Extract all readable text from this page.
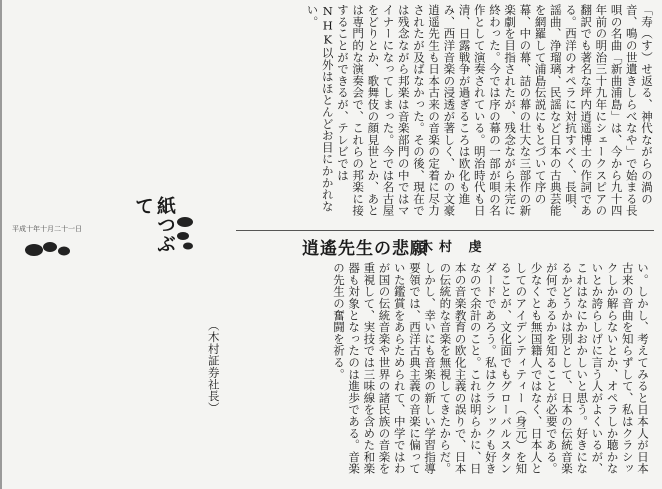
「寿（す）せ返る、神代ながらの渦の音、鳴の世遺きしらべなや」で始まる長唄の名曲「新曲浦島」は、今から九十四年前の明治三十九年にシェークスピアの翻訳でも著名な坪内逍遥博士の作詞である。西洋のオペラに対抗すべく、長唄、謡曲、浄瑠璃、民謡など日本の古典芸能を網羅して浦島伝説にもとづいて序の幕、中の幕、詰の幕の壮大な三部作の新楽劇を目指されたが、残念ながら未完に終わった。今では序の幕の一部が唄の名作として演奏されている。明治時代も日清、日露戦争が過ぎるころは欧化も進み、西洋音楽の浸透が著しく、かの文豪逍遥先生も日本古来の音楽の定着に尽力されたが及ばなかった。その後、現在では残念ながら邦楽は音楽部門の中ではマイナーになってしまった。今では名古屋をどりとか、歌舞伎の顔見世とか、あとは専門的な演奏会で、これらの邦楽に接することができるが、テレビではNHK以外はほとんどお目にかかれない。
紙つぶて
平成十年十月二十一日
逍遙先生の悲願
木村 虔
い。しかし、考えてみると日本人が日本古来の音曲を知らずして、私はクラシックしか解らないとか、オペラしか聴かないとか誇らしげに言う人がよくいるが、これはなにかおかしいと思う。好きになるかどうかは別として、日本の伝統音楽が何であるかを知ることが必要である。少なくとも無国籍人ではなく、日本人としてのアイデンティティー（身元）を知ることが、文化面でもグローバルスタンダードであろう。私はクラシックも好きなので余計のこと。これは明らかに、日本の音楽教育の欧化主義の誤りで、日本の伝統的な音楽を無視してきたからだ。しかし、幸いにも音楽の新しい学習指導要領では、西洋古典主義の音楽に偏っていた鑑賞をあらためられて、中学ではわが国の伝統音楽や世界の諸民族の音楽を重視して、実技では三味線を含めた和楽器も対象となったのは進歩である。音楽の先生の奮闘を祈る。

（木村証券社長）
